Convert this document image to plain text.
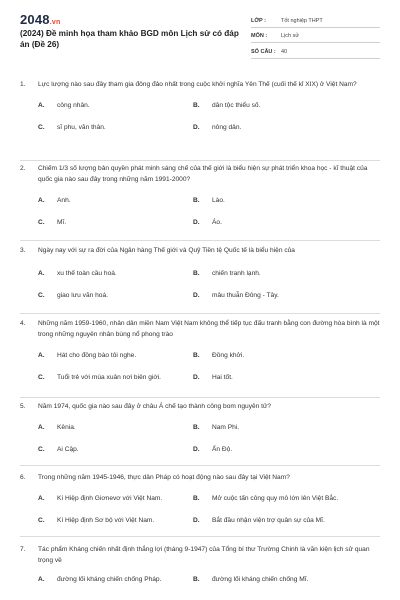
2048.vn
(2024) Đề minh họa tham khảo BGD môn Lịch sử có đáp án (Đề 26)
LỚP :	Tốt nghiệp THPT
MÔN :	Lịch sử
SỐ CÂU : 40
1.	Lực lượng nào sau đây tham gia đông đảo nhất trong cuộc khởi nghĩa Yên Thế (cuối thế kỉ XIX) ở Việt Nam?
A.	công nhân.	B.	dân tộc thiểu số.
C.	sĩ phu, văn thân.	D.	nông dân.
2.	Chiếm 1/3 số lượng bản quyền phát minh sáng chế của thế giới là biểu hiện sự phát triển khoa học - kĩ thuật của quốc gia nào sau đây trong những năm 1991-2000?
A.	Anh.	B.	Lào.
C.	Mĩ.	D.	Áo.
3.	Ngày nay với sự ra đời của Ngân hàng Thế giới và Quỹ Tiền tệ Quốc tế là biểu hiện của
A.	xu thế toàn cầu hoá.	B.	chiến tranh lạnh.
C.	giao lưu văn hoá.	D.	mâu thuẫn Đông - Tây.
4.	Những năm 1959-1960, nhân dân miền Nam Việt Nam không thể tiếp tục đấu tranh bằng con đường hòa bình là một trong những nguyên nhân bùng nổ phong trào
A.	Hát cho đồng bào tôi nghe.	B.	Đồng khởi.
C.	Tuổi trẻ với mùa xuân nơi biên giới.	D.	Hai tốt.
5.	Năm 1974, quốc gia nào sau đây ở châu Á chế tạo thành công bom nguyên tử?
A.	Kênia.	B.	Nam Phi.
C.	Ai Cập.	D.	Ấn Độ.
6.	Trong những năm 1945-1946, thực dân Pháp có hoạt động nào sau đây tại Việt Nam?
A.	Kí Hiệp định Giơnevơ với Việt Nam.	B.	Mở cuộc tấn công quy mô lớn lên Việt Bắc.
C.	Kí Hiệp định Sơ bộ với Việt Nam.	D.	Bắt đầu nhận viện trợ quân sự của Mĩ.
7.	Tác phẩm Kháng chiến nhất định thắng lợi (tháng 9-1947) của Tổng bí thư Trường Chinh là văn kiện lịch sử quan trọng về
A.	đường lối kháng chiến chống Pháp.	B.	đường lối kháng chiến chống Mĩ.
